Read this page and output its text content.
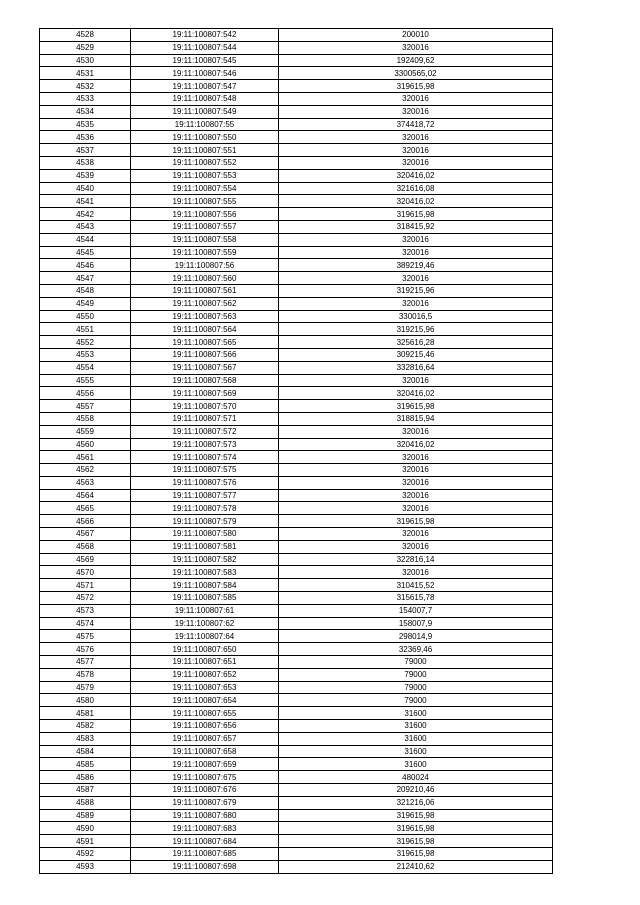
4528	19:11:100807:542	200010
4529	19:11:100807:544	320016
4530	19:11:100807:545	192409,62
4531	19:11:100807:546	3300565,02
4532	19:11:100807:547	319615,98
4533	19:11:100807:548	320016
4534	19:11:100807:549	320016
4535	19:11:100807:55	374418,72
4536	19:11:100807:550	320016
4537	19:11:100807:551	320016
4538	19:11:100807:552	320016
4539	19:11:100807:553	320416,02
4540	19:11:100807:554	321616,08
4541	19:11:100807:555	320416,02
4542	19:11:100807:556	319615,98
4543	19:11:100807:557	318415,92
4544	19:11:100807:558	320016
4545	19:11:100807:559	320016
4546	19:11:100807:56	389219,46
4547	19:11:100807:560	320016
4548	19:11:100807:561	319215,96
4549	19:11:100807:562	320016
4550	19:11:100807:563	330016,5
4551	19:11:100807:564	319215,96
4552	19:11:100807:565	325616,28
4553	19:11:100807:566	309215,46
4554	19:11:100807:567	332816,64
4555	19:11:100807:568	320016
4556	19:11:100807:569	320416,02
4557	19:11:100807:570	319615,98
4558	19:11:100807:571	318815,94
4559	19:11:100807:572	320016
4560	19:11:100807:573	320416,02
4561	19:11:100807:574	320016
4562	19:11:100807:575	320016
4563	19:11:100807:576	320016
4564	19:11:100807:577	320016
4565	19:11:100807:578	320016
4566	19:11:100807:579	319615,98
4567	19:11:100807:580	320016
4568	19:11:100807:581	320016
4569	19:11:100807:582	322816,14
4570	19:11:100807:583	320016
4571	19:11:100807:584	310415,52
4572	19:11:100807:585	315615,78
4573	19:11:100807:61	154007,7
4574	19:11:100807:62	158007,9
4575	19:11:100807:64	298014,9
4576	19:11:100807:650	32369,46
4577	19:11:100807:651	79000
4578	19:11:100807:652	79000
4579	19:11:100807:653	79000
4580	19:11:100807:654	79000
4581	19:11:100807:655	31600
4582	19:11:100807:656	31600
4583	19:11:100807:657	31600
4584	19:11:100807:658	31600
4585	19:11:100807:659	31600
4586	19:11:100807:675	480024
4587	19:11:100807:676	209210,46
4588	19:11:100807:679	321216,06
4589	19:11:100807:680	319615,98
4590	19:11:100807:683	319615,98
4591	19:11:100807:684	319615,98
4592	19:11:100807:685	319615,98
4593	19:11:100807:698	212410,62
